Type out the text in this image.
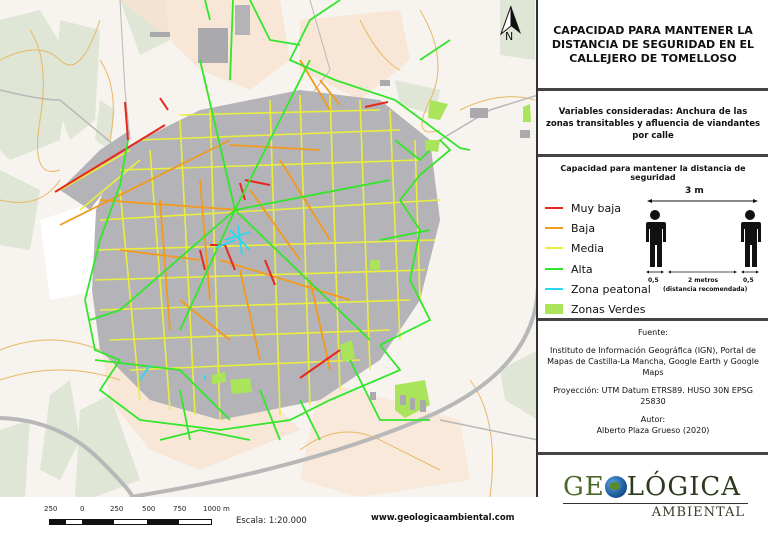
N	CAPACIDAD PARA MANTENER LA DISTANCIA DE SEGURIDAD EN EL CALLEJERO DE TOMELLOSO
Variables consideradas: Anchura de las zonas transitables y afluencia de viandantes por calle
Capacidad para mantener la distancia de seguridad
Muy baja
Baja
Media
Alta
Zona peatonal
Zonas Verdes
3 m
0,5	2 metros
(distancia recomendada)
0,5

Fuente:

Instituto de Información Geográfica (IGN), Portal de Mapas de Castilla-La Mancha, Google Earth y Google Maps

Proyección: UTM Datum ETRS89. HUSO 30N EPSG 25830

Autor:

Alberto Plaza Grueso (2020)

GE LÓGICA
AMBIENTAL
250	0	250	500	750 1000 m
Escala: 1:20.000	www.geologicaambiental.com
